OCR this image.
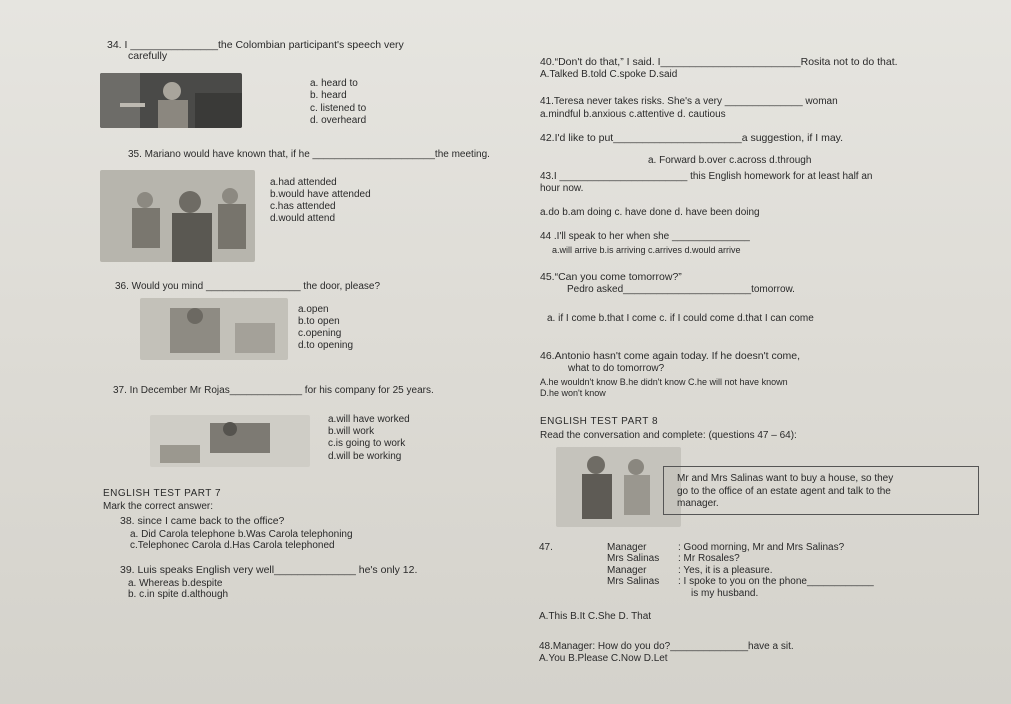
34. I _______________the Colombian participant's speech very
carefully
a. heard to
b. heard
c. listened to
d. overheard
35. Mariano would have known that, if he ______________________the meeting.
a.had attended
b.would have attended
c.has attended
d.would attend
36. Would you mind _________________ the door, please?
a.open
b.to open
c.opening
d.to opening
37. In December Mr Rojas_____________ for his company for 25 years.
a.will have worked
b.will work
c.is going to work
d.will be working
ENGLISH TEST PART 7
Mark the correct answer:
38. since I came back to the office?
a. Did Carola telephone b.Was Carola telephoning
c.Telephonec Carola d.Has Carola telephoned
39. Luis speaks English very well______________ he's only 12.
a. Whereas b.despite
b. c.in spite d.although
40.“Don't do that,” I said. I________________________Rosita not to do that.
A.Talked B.told C.spoke D.said
41.Teresa never takes risks. She's a very ______________ woman
a.mindful b.anxious c.attentive d. cautious
42.I'd like to put______________________a suggestion, if I may.
a. Forward b.over c.across d.through
43.I _______________________ this English homework for at least half an
hour now.
a.do b.am doing c. have done d. have been doing
44 .I'll speak to her when she ______________
a.will arrive b.is arriving c.arrives d.would arrive
45.“Can you come tomorrow?”
Pedro asked_______________________tomorrow.
a. if I come b.that I come c. if I could come d.that I can come
46.Antonio hasn't come again today. If he doesn't come,
what to do tomorrow?
A.he wouldn't know B.he didn't know C.he will not have known
D.he won't know
ENGLISH TEST PART 8
Read the conversation and complete: (questions 47 – 64):
Mr and Mrs Salinas want to buy a house, so they
go to the office of an estate agent and talk to the
manager.
47.	Manager	: Good morning, Mr and Mrs Salinas?
Mrs Salinas : Mr Rosales?
Manager	: Yes, it is a pleasure.
Mrs Salinas : I spoke to you on the phone____________
is my husband.
A.This B.It C.She D. That
48.Manager: How do you do?______________have a sit.
A.You B.Please C.Now D.Let
